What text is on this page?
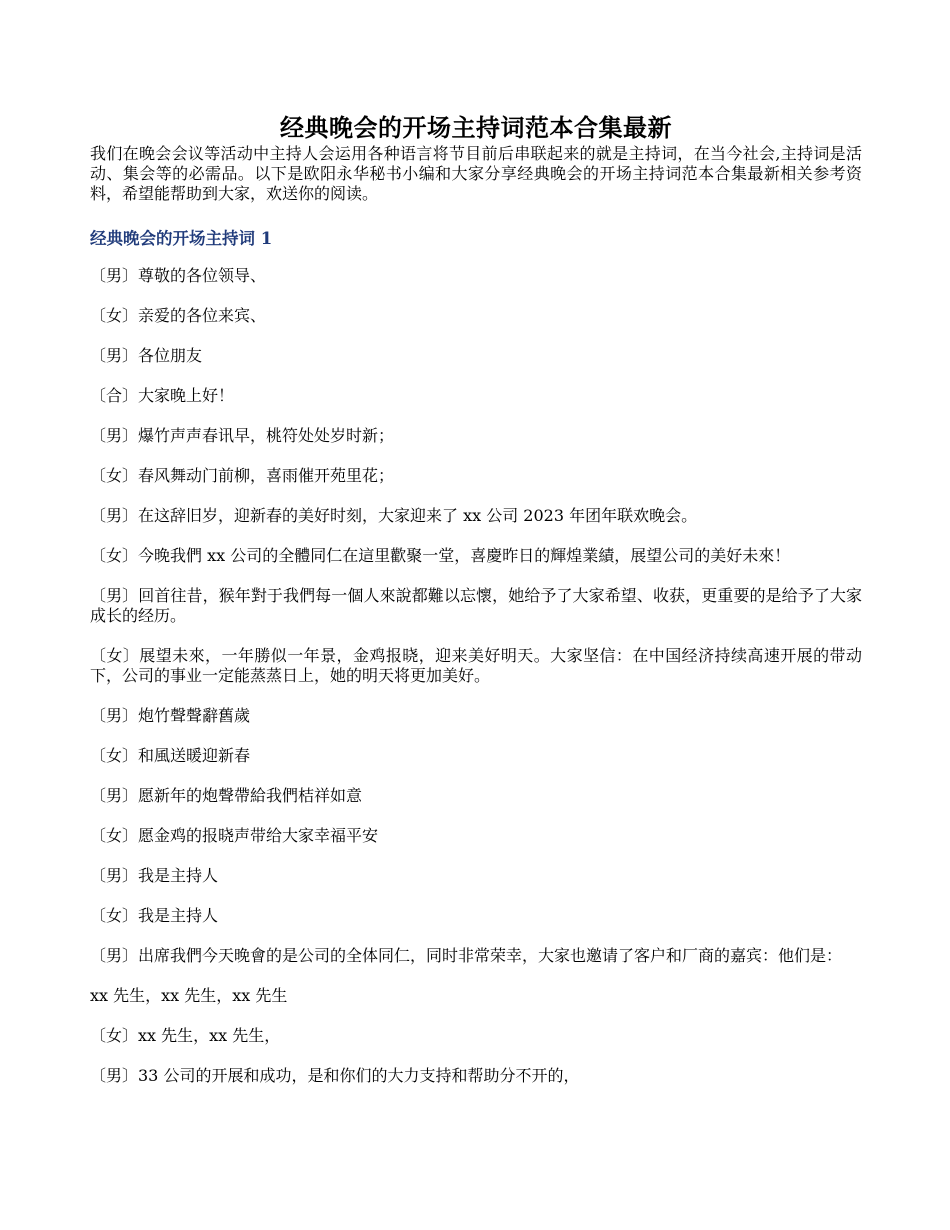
经典晚会的开场主持词范本合集最新

我们在晚会会议等活动中主持人会运用各种语言将节目前后串联起来的就是主持词，在当今社会,主持词是活动、集会等的必需品。以下是欧阳永华秘书小编和大家分享经典晚会的开场主持词范本合集最新相关参考资料，希望能帮助到大家，欢送你的阅读。

经典晚会的开场主持词 1
〔男〕尊敬的各位领导、
〔女〕亲爱的各位来宾、
〔男〕各位朋友
〔合〕大家晚上好！
〔男〕爆竹声声春讯早，桃符处处岁时新；
〔女〕春风舞动门前柳，喜雨催开苑里花；
〔男〕在这辞旧岁，迎新春的美好时刻，大家迎来了 xx 公司 2023 年团年联欢晚会。
〔女〕今晚我們 xx 公司的全體同仁在這里歡聚一堂，喜慶昨日的輝煌業績，展望公司的美好未來！
〔男〕回首往昔，猴年對于我們每一個人來說都難以忘懷，她给予了大家希望、收获，更重要的是给予了大家成长的经历。
〔女〕展望未來，一年勝似一年景，金鸡报晓，迎来美好明天。大家坚信：在中国经济持续高速开展的带动下，公司的事业一定能蒸蒸日上，她的明天将更加美好。
〔男〕炮竹聲聲辭舊歲
〔女〕和風送暖迎新春
〔男〕愿新年的炮聲帶給我們桔祥如意
〔女〕愿金鸡的报晓声带给大家幸福平安
〔男〕我是主持人
〔女〕我是主持人
〔男〕出席我們今天晚會的是公司的全体同仁，同时非常荣幸，大家也邀请了客户和厂商的嘉宾：他们是：
xx 先生，xx 先生，xx 先生
〔女〕xx 先生，xx 先生，
〔男〕33 公司的开展和成功，是和你们的大力支持和帮助分不开的，
